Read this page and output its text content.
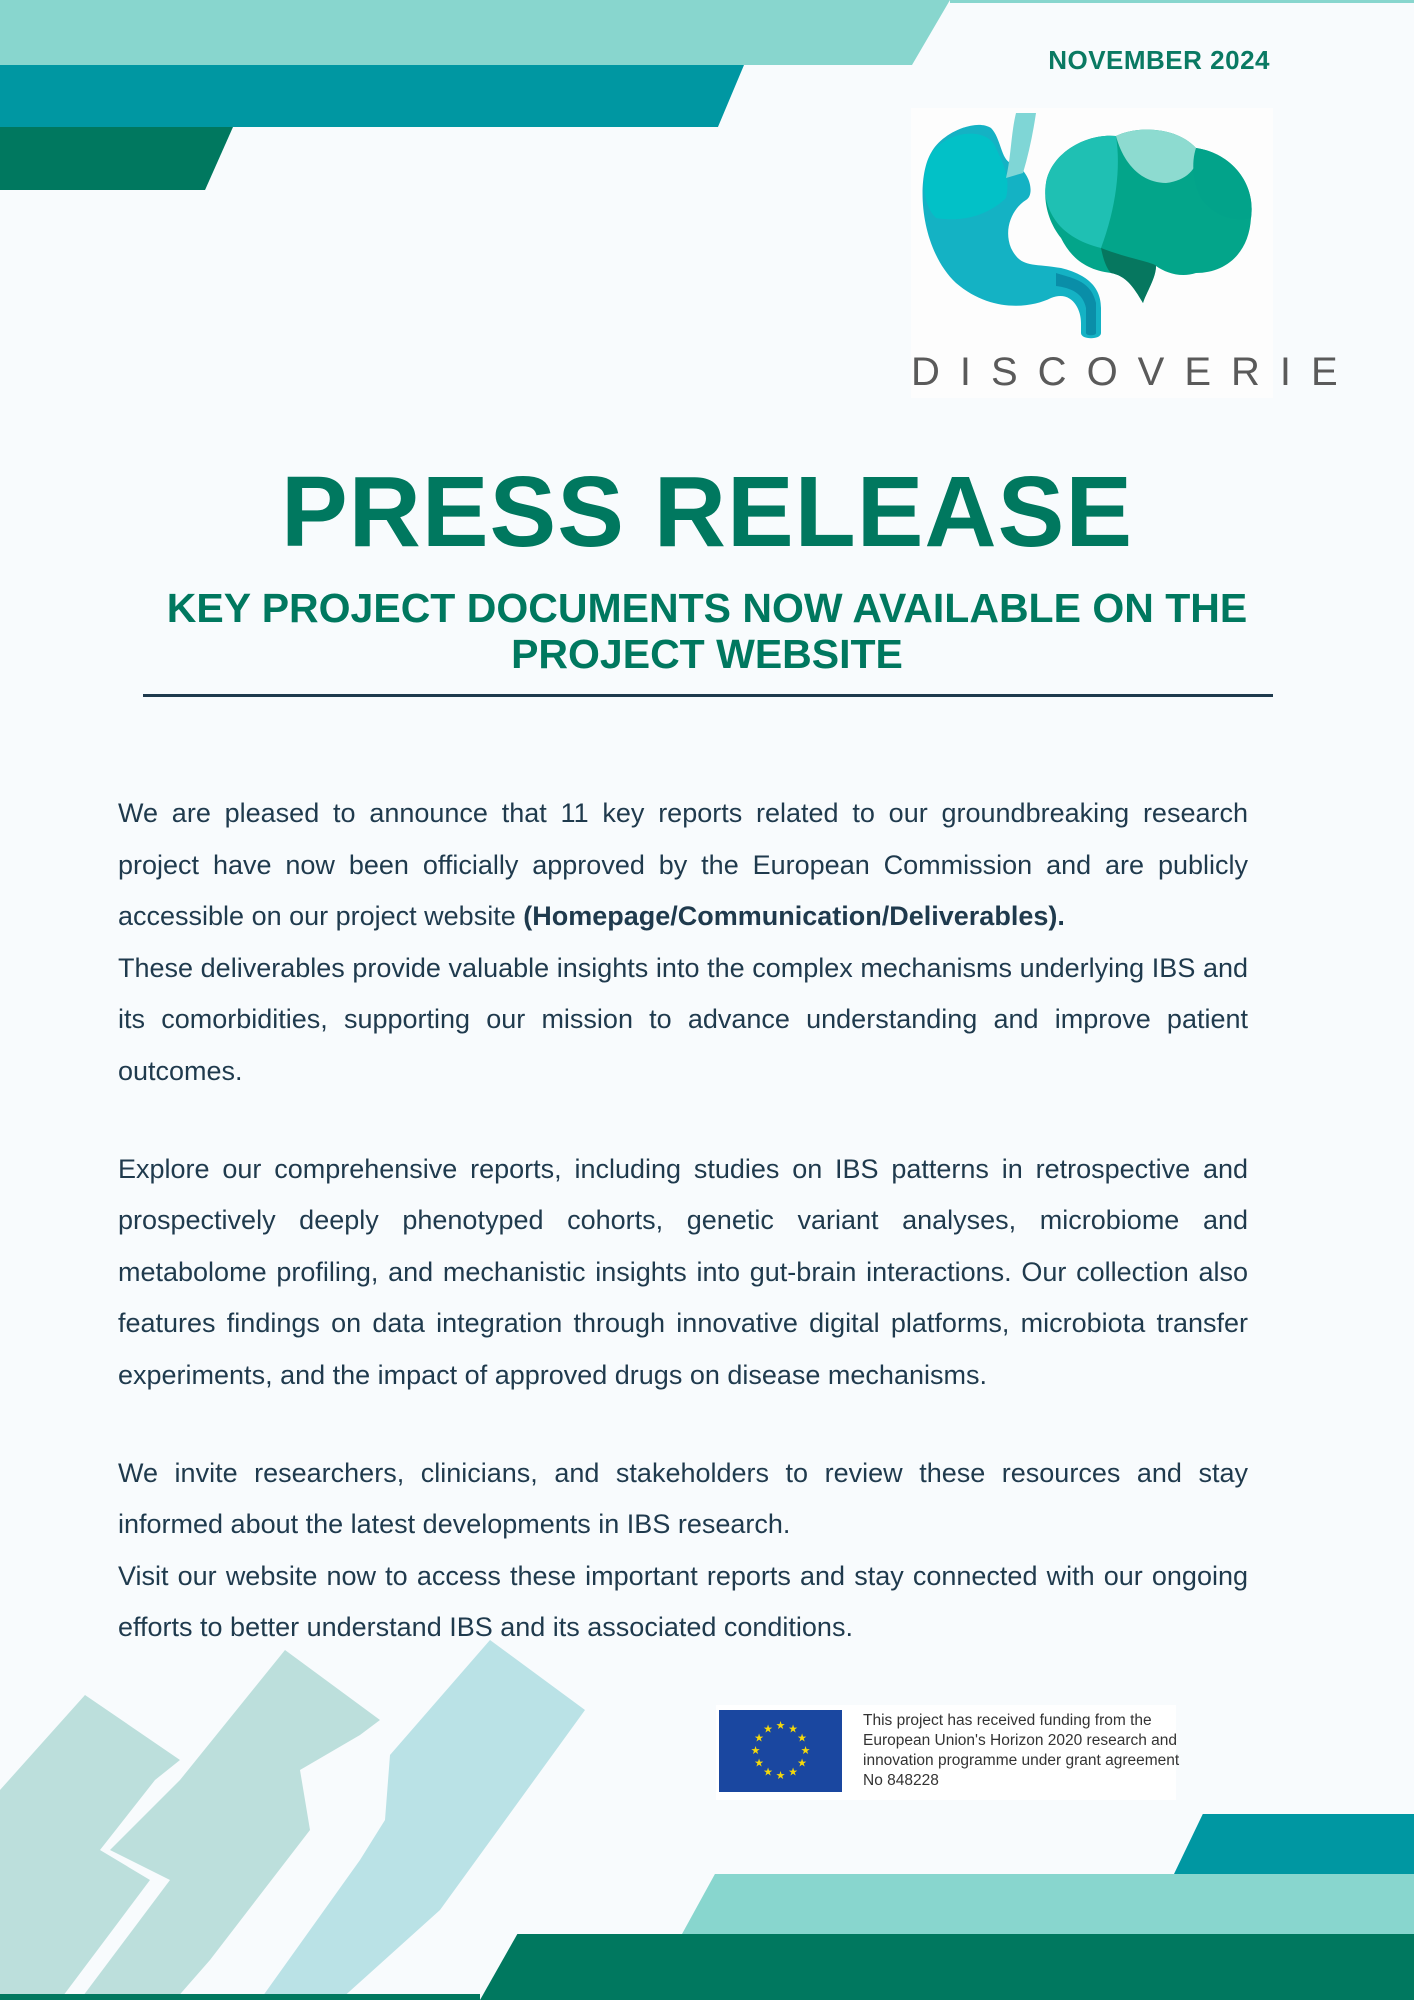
NOVEMBER 2024
DISCOVERIE
PRESS RELEASE
KEY PROJECT DOCUMENTS NOW AVAILABLE ON THE PROJECT WEBSITE

We are pleased to announce that 11 key reports related to our groundbreaking research project have now been officially approved by the European Commission and are publicly accessible on our project website (Homepage/Communication/Deliverables).

These deliverables provide valuable insights into the complex mechanisms underlying IBS and its comorbidities, supporting our mission to advance understanding and improve patient outcomes.

Explore our comprehensive reports, including studies on IBS patterns in retrospective and prospectively deeply phenotyped cohorts, genetic variant analyses, microbiome and metabolome profiling, and mechanistic insights into gut-brain interactions. Our collection also features findings on data integration through innovative digital platforms, microbiota transfer experiments, and the impact of approved drugs on disease mechanisms.

We invite researchers, clinicians, and stakeholders to review these resources and stay informed about the latest developments in IBS research.

Visit our website now to access these important reports and stay connected with our ongoing efforts to better understand IBS and its associated conditions.

★ ★
★
★
★
★
★
★
★
★
★
★	This project has received funding from the European Union's Horizon 2020 research and innovation programme under grant agreement No 848228
